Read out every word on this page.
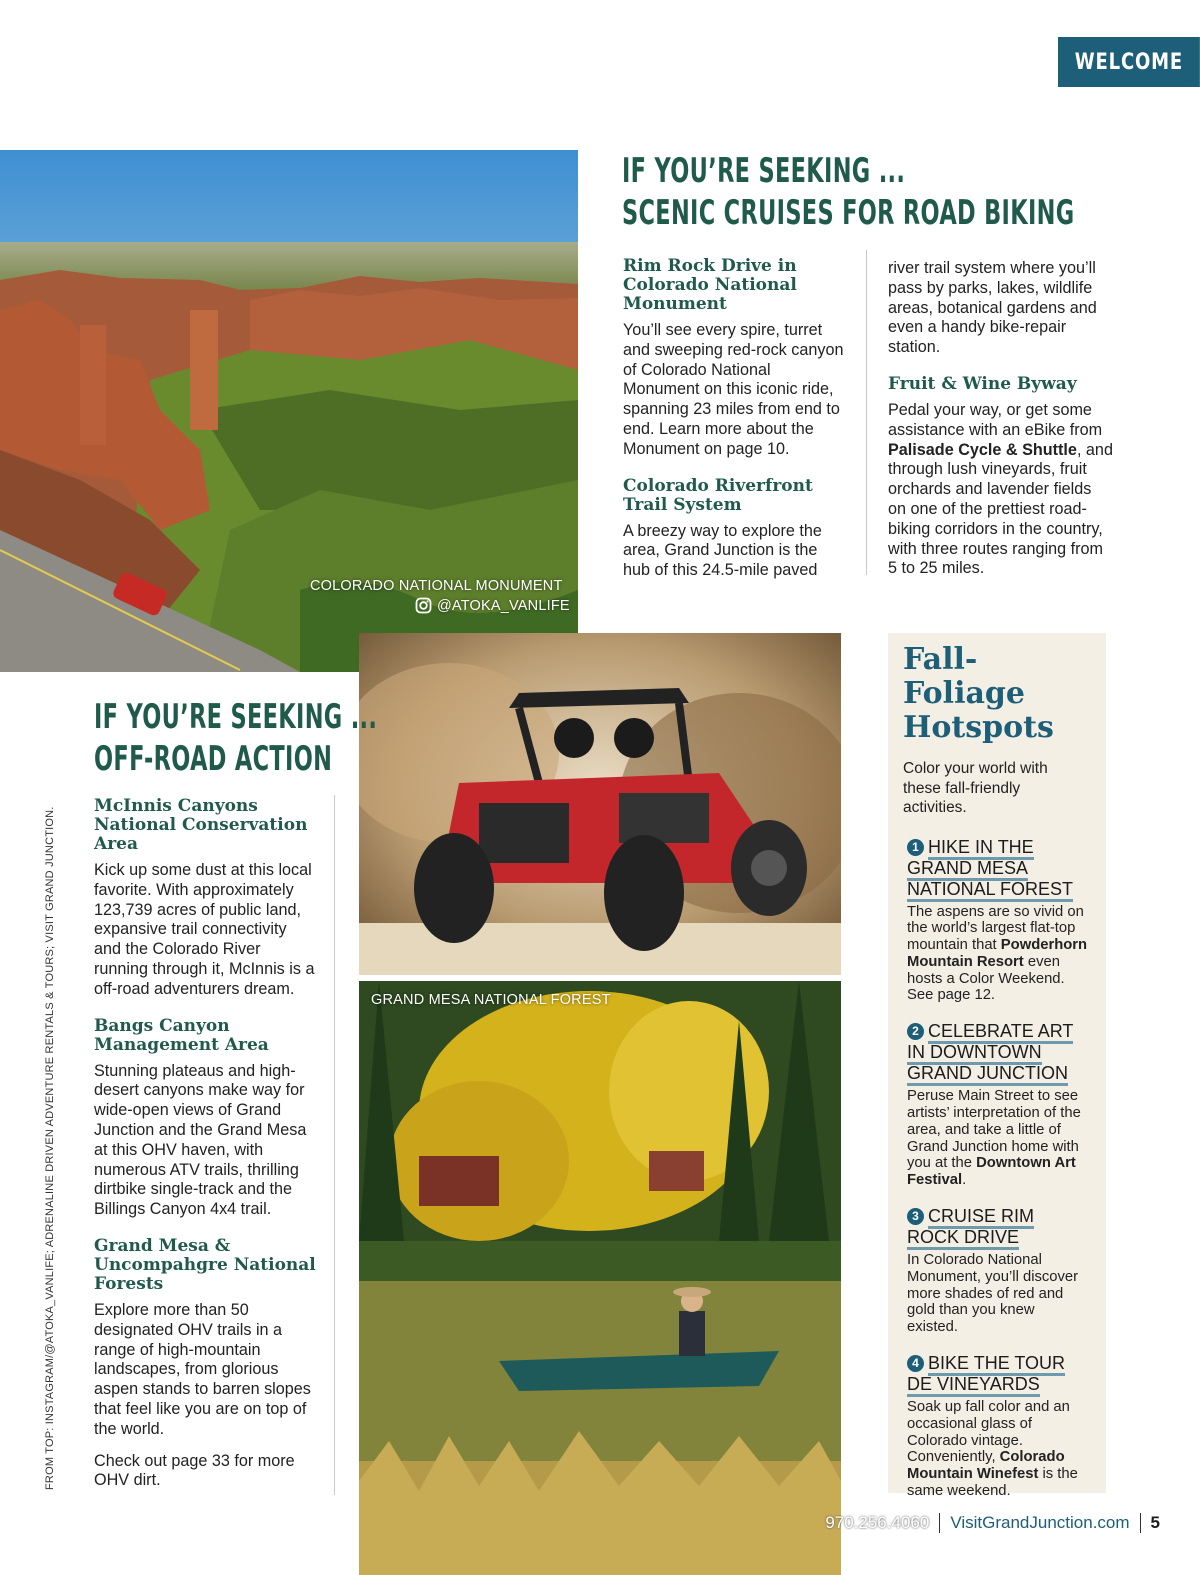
WELCOME
COLORADO NATIONAL MONUMENT
@ATOKA_VANLIFE
IF YOU’RE SEEKING ...
SCENIC CRUISES FOR ROAD BIKING
Rim Rock Drive in Colorado National Monument

You’ll see every spire, turret and sweeping red-rock canyon of Colorado National Monument on this iconic ride, spanning 23 miles from end to end. Learn more about the Monument on page 10.

Colorado Riverfront Trail System

A breezy way to explore the area, Grand Junction is the hub of this 24.5-mile paved

river trail system where you’ll pass by parks, lakes, wildlife areas, botanical gardens and even a handy bike-repair station.

Fruit & Wine Byway

Pedal your way, or get some assistance with an eBike from Palisade Cycle & Shuttle, and through lush vineyards, fruit orchards and lavender fields on one of the prettiest road-biking corridors in the country, with three routes ranging from 5 to 25 miles.

GRAND MESA NATIONAL FOREST
IF YOU’RE SEEKING ...
OFF-ROAD ACTION
McInnis Canyons National Conservation Area

Kick up some dust at this local favorite. With approximately 123,739 acres of public land, expansive trail connectivity and the Colorado River running through it, McInnis is a off-road adventurers dream.

Bangs Canyon Management Area

Stunning plateaus and high-desert canyons make way for wide-open views of Grand Junction and the Grand Mesa at this OHV haven, with numerous ATV trails, thrilling dirtbike single-track and the Billings Canyon 4x4 trail.

Grand Mesa & Uncompahgre National Forests

Explore more than 50 designated OHV trails in a range of high-mountain landscapes, from glorious aspen stands to barren slopes that feel like you are on top of the world.

Check out page 33 for more OHV dirt.

FROM TOP: INSTAGRAM/@ATOKA_VANLIFE; ADRENALINE DRIVEN ADVENTURE RENTALS & TOURS; VISIT GRAND JUNCTION.
Fall-Foliage
Hotspots

Color your world with these fall-friendly activities.

1 HIKE IN THE
GRAND MESA
NATIONAL FOREST

The aspens are so vivid on the world’s largest flat-top mountain that Powderhorn Mountain Resort even hosts a Color Weekend. See page 12.

2 CELEBRATE ART
IN DOWNTOWN
GRAND JUNCTION

Peruse Main Street to see artists’ interpretation of the area, and take a little of Grand Junction home with you at the Downtown Art Festival.

3 CRUISE RIM
ROCK DRIVE

In Colorado National Monument, you’ll discover more shades of red and gold than you knew existed.

4 BIKE THE TOUR
DE VINEYARDS

Soak up fall color and an occasional glass of Colorado vintage. Conveniently, Colorado Mountain Winefest is the same weekend.

970.256.4060 VisitGrandJunction.com 5
